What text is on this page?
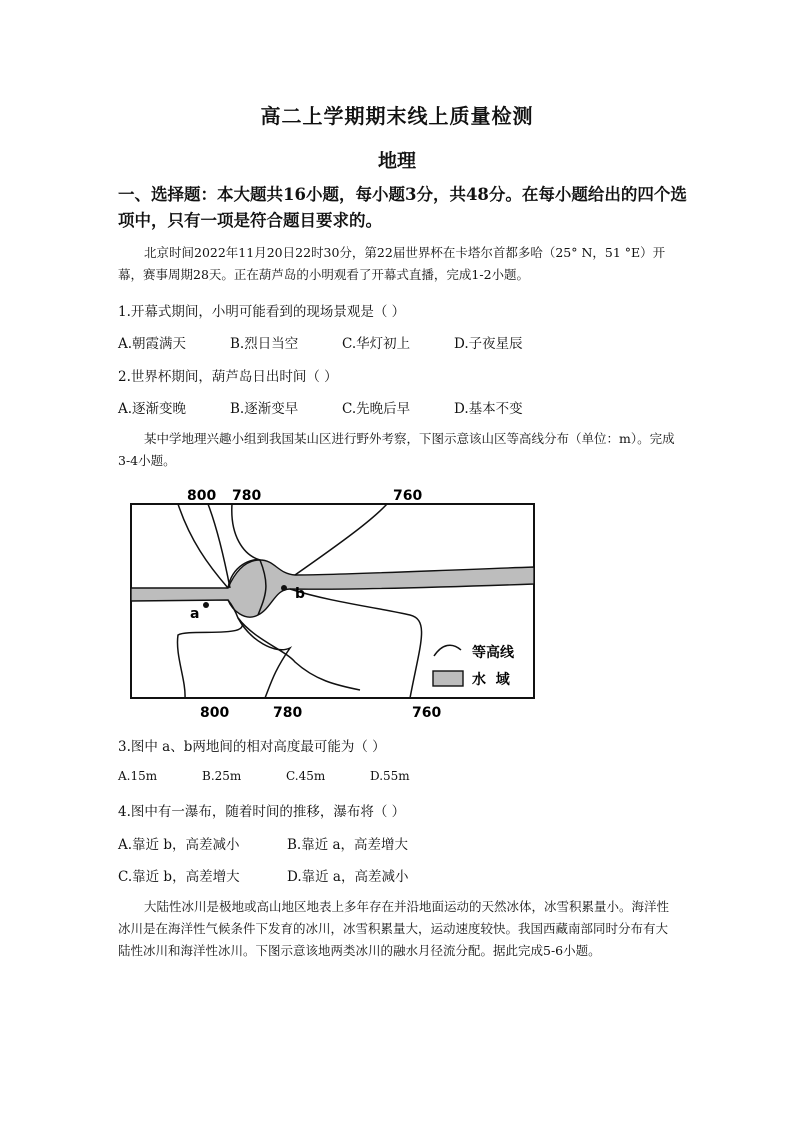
高二上学期期末线上质量检测
地理
一、选择题：本大题共16小题，每小题3分，共48分。在每小题给出的四个选项中，只有一项是符合题目要求的。
北京时间2022年11月20日22时30分，第22届世界杯在卡塔尔首都多哈（25° N，51 °E）开幕，赛事周期28天。正在葫芦岛的小明观看了开幕式直播，完成1-2小题。
1.开幕式期间，小明可能看到的现场景观是（ ）
A.朝霞满天	B.烈日当空	C.华灯初上	D.子夜星辰
2.世界杯期间，葫芦岛日出时间（ ）
A.逐渐变晚	B.逐渐变早	C.先晚后早	D.基本不变
某中学地理兴趣小组到我国某山区进行野外考察，下图示意该山区等高线分布（单位：m）。完成3-4小题。
800 780	760
a
b
等高线
水  域
800	780	760
3.图中 a、b两地间的相对高度最可能为（ ）
A.15m	B.25m	C.45m	D.55m
4.图中有一瀑布，随着时间的推移，瀑布将（ ）
A.靠近 b，高差减小	B.靠近 a，高差增大
C.靠近 b，高差增大	D.靠近 a，高差减小
大陆性冰川是极地或高山地区地表上多年存在并沿地面运动的天然冰体，冰雪积累量小。海洋性冰川是在海洋性气候条件下发育的冰川，冰雪积累量大，运动速度较快。我国西藏南部同时分布有大陆性冰川和海洋性冰川。下图示意该地两类冰川的融水月径流分配。据此完成5-6小题。
